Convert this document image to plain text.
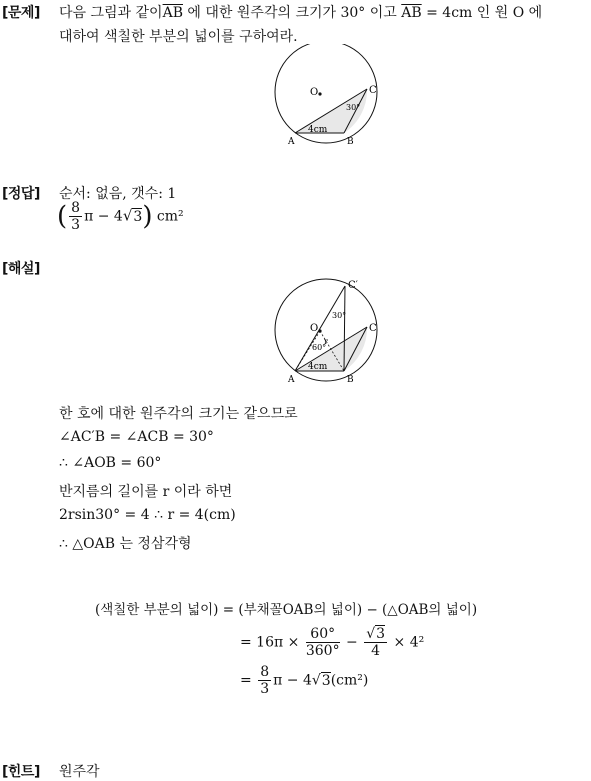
[문제] 다음 그림과 같이$\overline{AB}$ 에 대한 원주각의 크기가 30° 이고 $\overline{AB} = 4cm$ 인 원 O 에
대하여 색칠한 부분의 넓이를 구하여라.
O	C
A	B
30°
4cm
[정답] 순서: 없음, 갯수: 1
( $\frac{8}{3}$ π − 4√3) cm²
[해설]
O
C′
C
A	B
30°
60°
r
4cm
한 호에 대한 원주각의 크기는 같으므로
∠AC′B = ∠ACB = 30°
∴ ∠AOB = 60°
반지름의 길이를 r 이라 하면
2rsin30° = 4 ∴ r = 4(cm)
∴ △OAB 는 정삼각형
(색칠한 부분의 넓이) = (부채꼴OAB의 넓이) − (△OAB의 넓이)
= $16\pi \times \frac{60^\circ}{360^\circ} - \frac{√3}{4} \times 4^2$
= $\frac{8}{3}$ π − 4√3(cm²)
[힌트] 원주각
